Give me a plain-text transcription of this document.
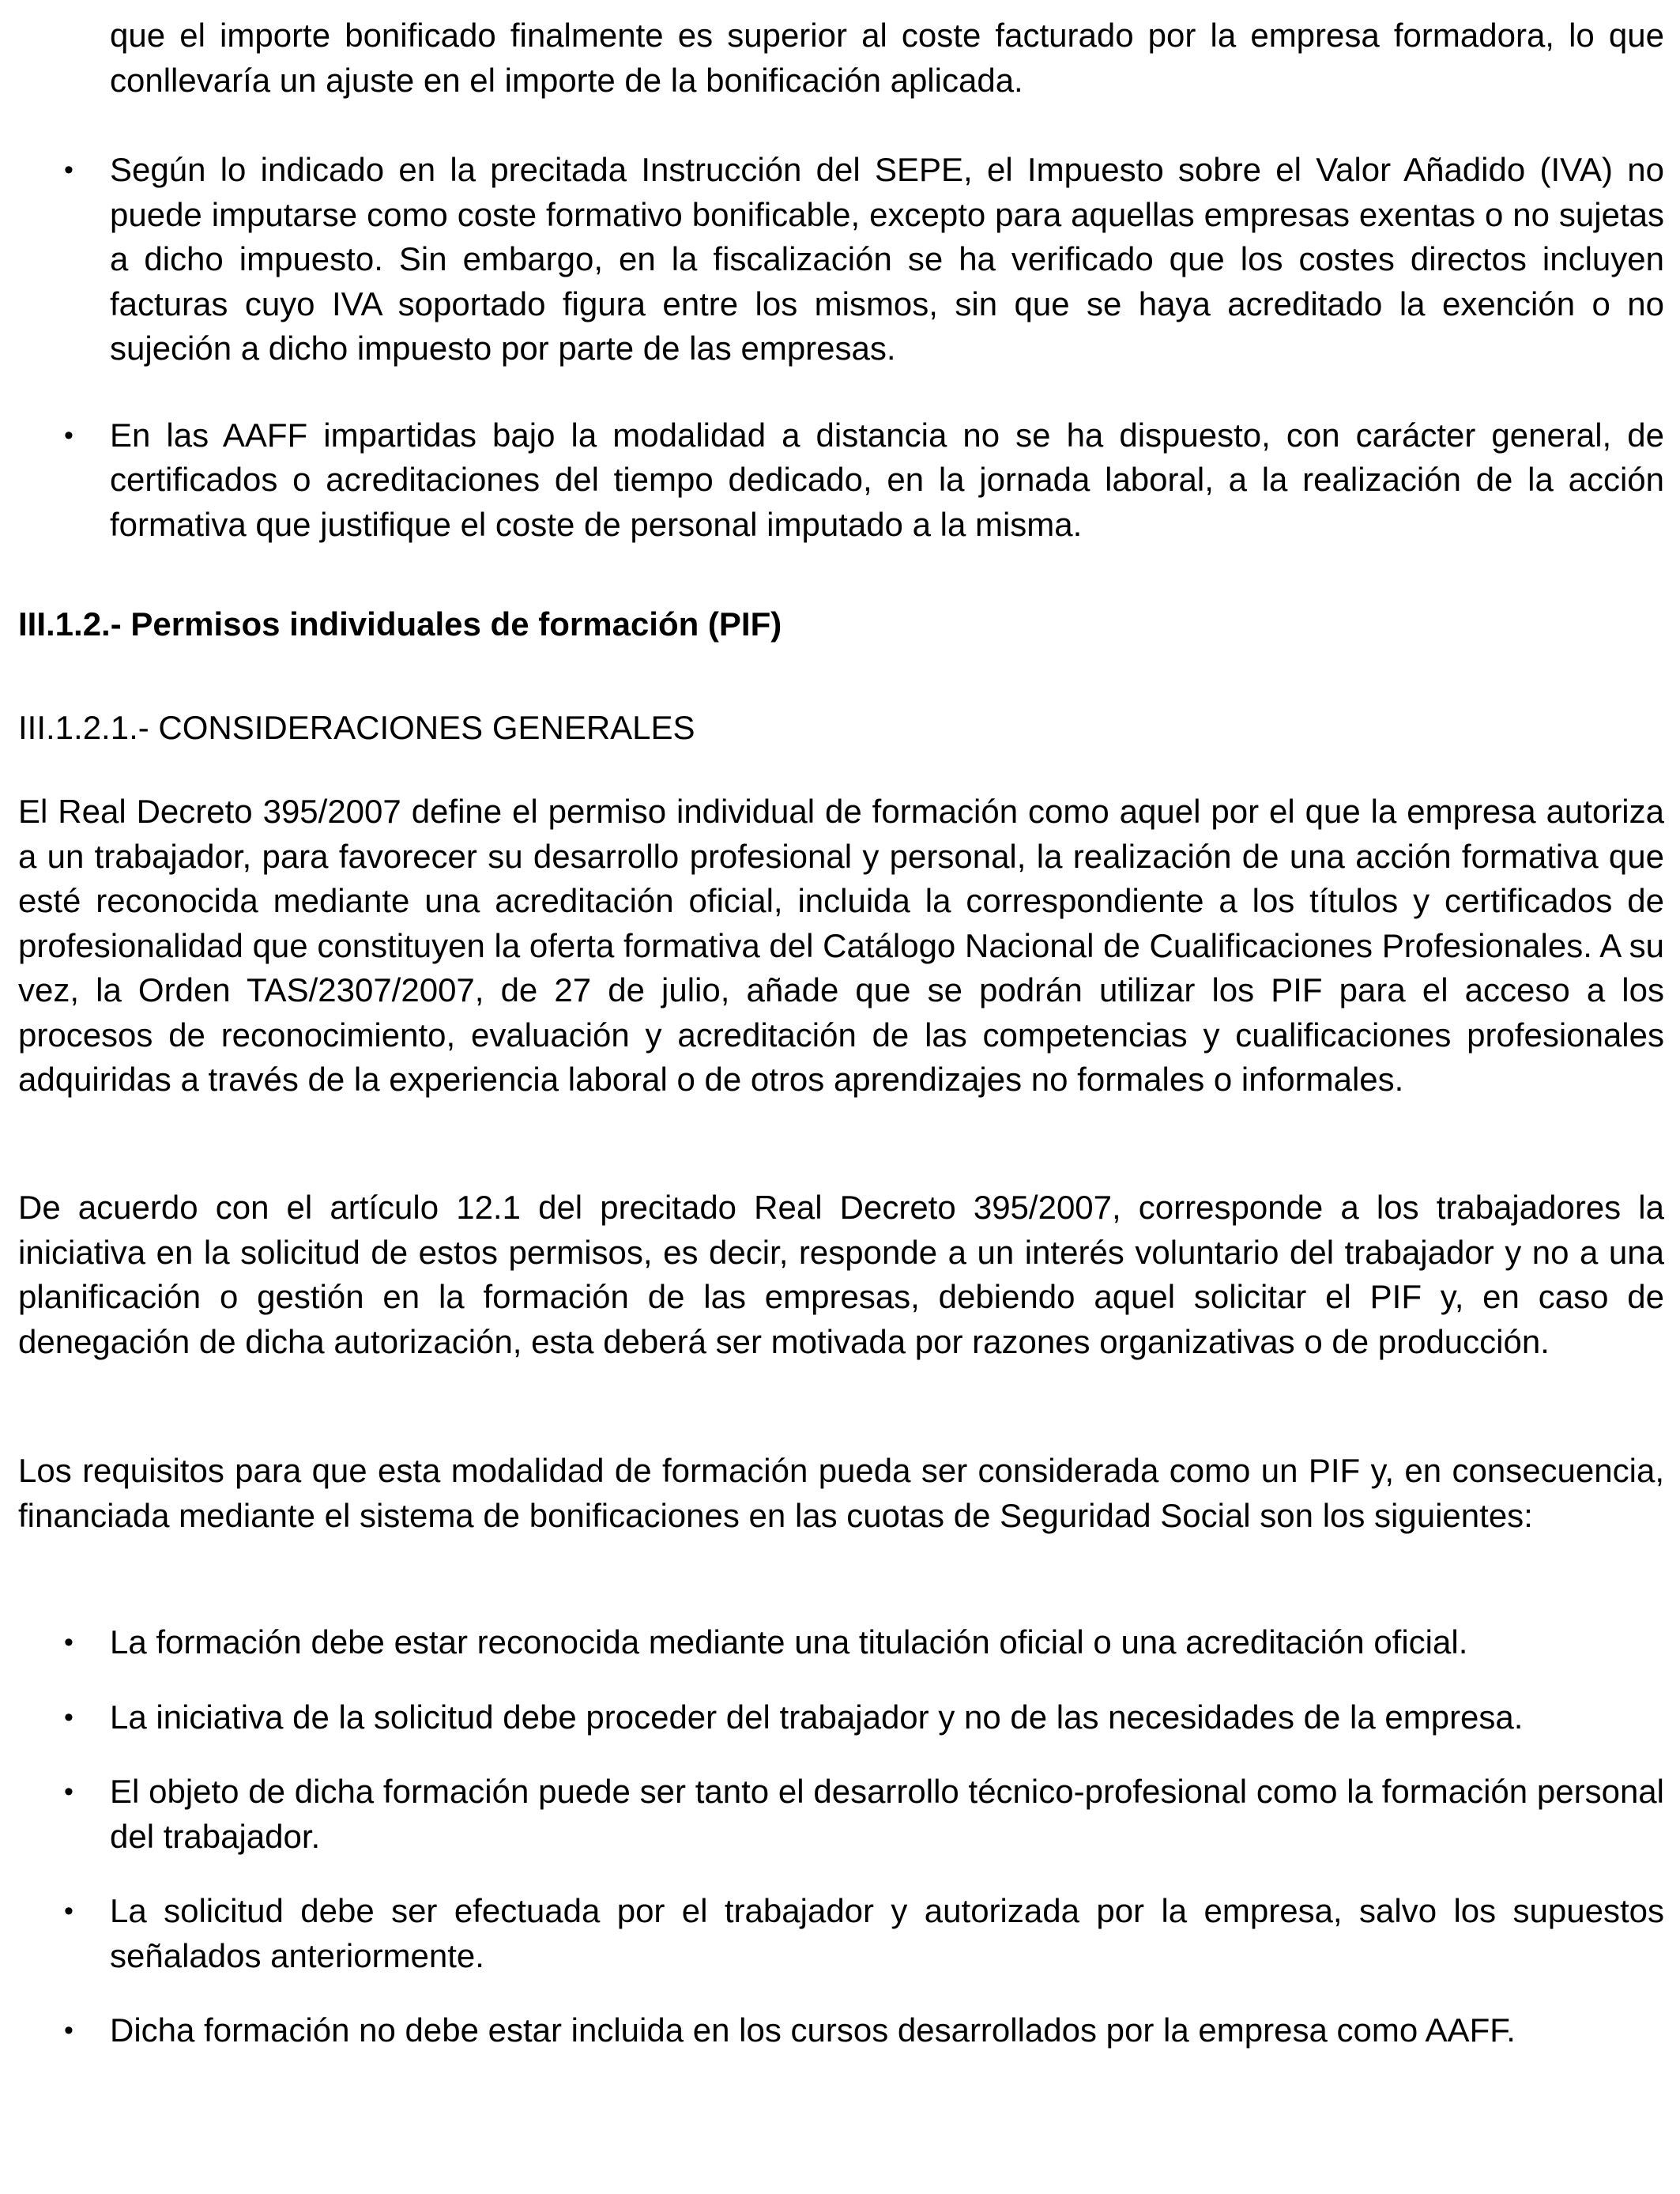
que el importe bonificado finalmente es superior al coste facturado por la empresa formadora, lo que conllevaría un ajuste en el importe de la bonificación aplicada.

• Según lo indicado en la precitada Instrucción del SEPE, el Impuesto sobre el Valor Añadido (IVA) no puede imputarse como coste formativo bonificable, excepto para aquellas empresas exentas o no sujetas a dicho impuesto. Sin embargo, en la fiscalización se ha verificado que los costes directos incluyen facturas cuyo IVA soportado figura entre los mismos, sin que se haya acreditado la exención o no sujeción a dicho impuesto por parte de las empresas.
• En las AAFF impartidas bajo la modalidad a distancia no se ha dispuesto, con carácter general, de certificados o acreditaciones del tiempo dedicado, en la jornada laboral, a la realización de la acción formativa que justifique el coste de personal imputado a la misma.
III.1.2.- Permisos individuales de formación (PIF)
III.1.2.1.- CONSIDERACIONES GENERALES

El Real Decreto 395/2007 define el permiso individual de formación como aquel por el que la empresa autoriza a un trabajador, para favorecer su desarrollo profesional y personal, la realización de una acción formativa que esté reconocida mediante una acreditación oficial, incluida la correspondiente a los títulos y certificados de profesionalidad que constituyen la oferta formativa del Catálogo Nacional de Cualificaciones Profesionales. A su vez, la Orden TAS/2307/2007, de 27 de julio, añade que se podrán utilizar los PIF para el acceso a los procesos de reconocimiento, evaluación y acreditación de las competencias y cualificaciones profesionales adquiridas a través de la experiencia laboral o de otros aprendizajes no formales o informales.

De acuerdo con el artículo 12.1 del precitado Real Decreto 395/2007, corresponde a los trabajadores la iniciativa en la solicitud de estos permisos, es decir, responde a un interés voluntario del trabajador y no a una planificación o gestión en la formación de las empresas, debiendo aquel solicitar el PIF y, en caso de denegación de dicha autorización, esta deberá ser motivada por razones organizativas o de producción.

Los requisitos para que esta modalidad de formación pueda ser considerada como un PIF y, en consecuencia, financiada mediante el sistema de bonificaciones en las cuotas de Seguridad Social son los siguientes:

• La formación debe estar reconocida mediante una titulación oficial o una acreditación oficial.
• La iniciativa de la solicitud debe proceder del trabajador y no de las necesidades de la empresa.
• El objeto de dicha formación puede ser tanto el desarrollo técnico-profesional como la formación personal del trabajador.
• La solicitud debe ser efectuada por el trabajador y autorizada por la empresa, salvo los supuestos señalados anteriormente.
• Dicha formación no debe estar incluida en los cursos desarrollados por la empresa como AAFF.
